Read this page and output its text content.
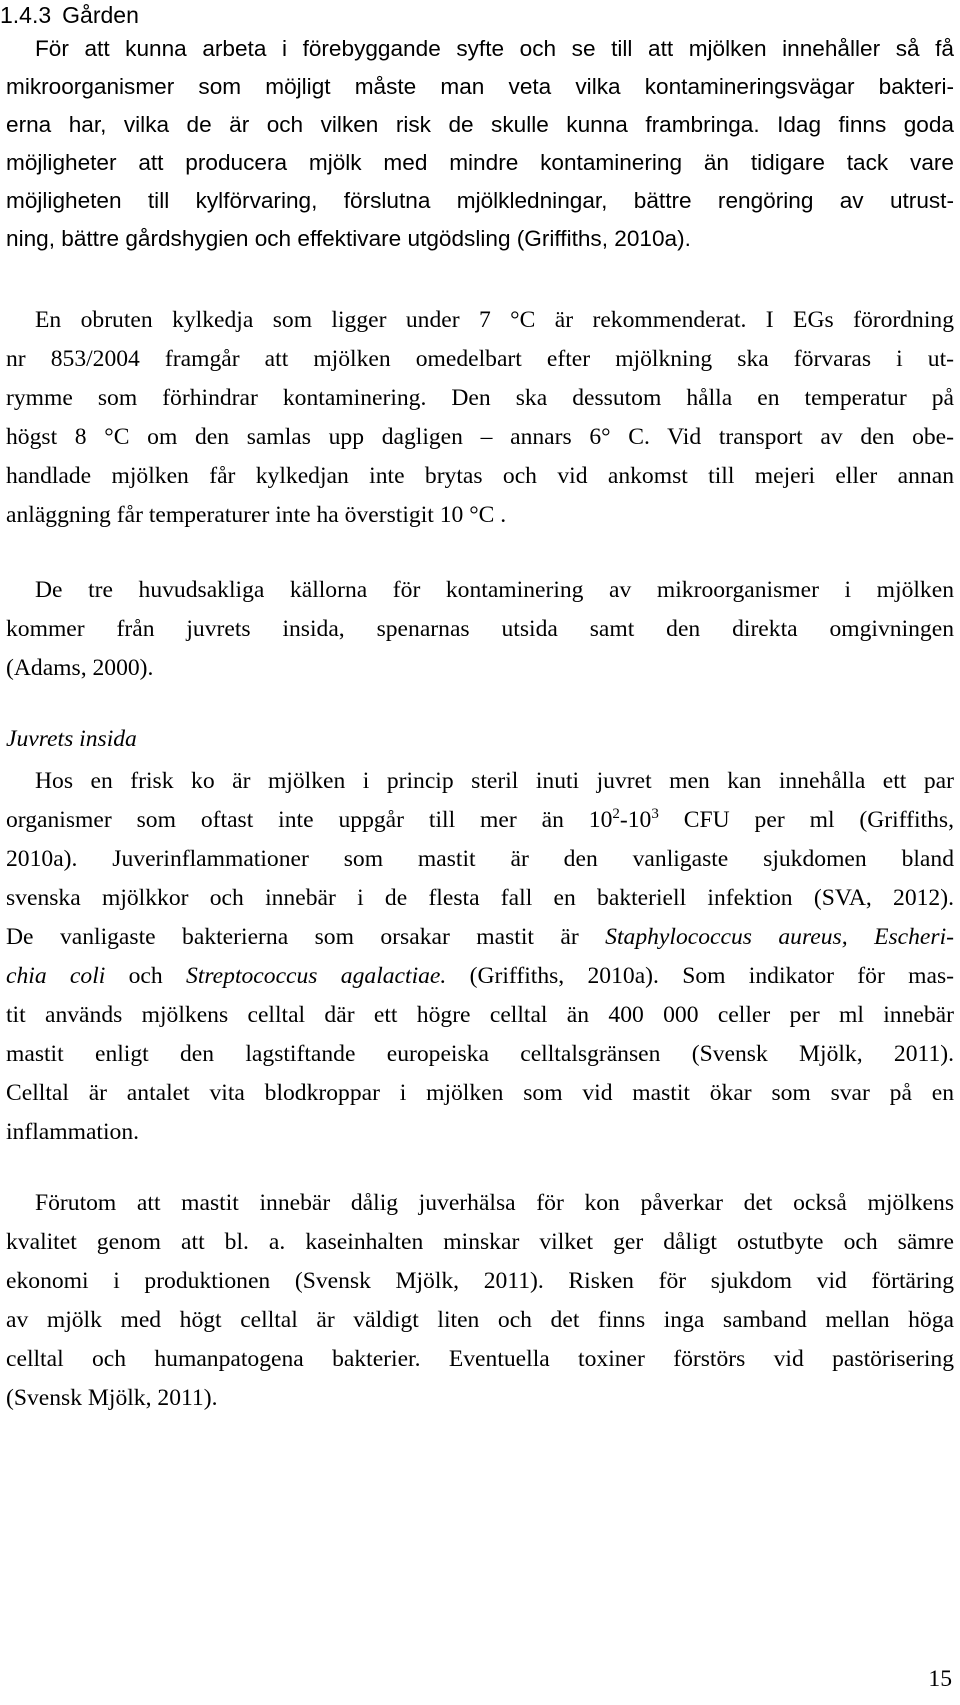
1.4.3 Gården
För att kunna arbeta i förebyggande syfte och se till att mjölken innehåller så få
mikroorganismer som möjligt måste man veta vilka kontamineringsvägar bakteri-
erna har, vilka de är och vilken risk de skulle kunna frambringa. Idag finns goda
möjligheter att producera mjölk med mindre kontaminering än tidigare tack vare
möjligheten till kylförvaring, förslutna mjölkledningar, bättre rengöring av utrust-
ning, bättre gårdshygien och effektivare utgödsling (Griffiths, 2010a).
En obruten kylkedja som ligger under 7 °C är rekommenderat. I EGs förordning
nr 853/2004 framgår att mjölken omedelbart efter mjölkning ska förvaras i ut-
rymme som förhindrar kontaminering. Den ska dessutom hålla en temperatur på
högst 8 °C om den samlas upp dagligen – annars 6° C. Vid transport av den obe-
handlade mjölken får kylkedjan inte brytas och vid ankomst till mejeri eller annan
anläggning får temperaturer inte ha överstigit 10 °C .
De tre huvudsakliga källorna för kontaminering av mikroorganismer i mjölken
kommer från juvrets insida, spenarnas utsida samt den direkta omgivningen
(Adams, 2000).
Juvrets insida
Hos en frisk ko är mjölken i princip steril inuti juvret men kan innehålla ett par
organismer som oftast inte uppgår till mer än $10^2-10^3$ CFU per ml (Griffiths,
2010a). Juverinflammationer som mastit är den vanligaste sjukdomen bland
svenska mjölkkor och innebär i de flesta fall en bakteriell infektion (SVA, 2012).
De vanligaste bakterierna som orsakar mastit är Staphylococcus aureus, Escheri-
chia coli och Streptococcus agalactiae. (Griffiths, 2010a). Som indikator för mas-
tit används mjölkens celltal där ett högre celltal än 400 000 celler per ml innebär
mastit enligt den lagstiftande europeiska celltalsgränsen (Svensk Mjölk, 2011).
Celltal är antalet vita blodkroppar i mjölken som vid mastit ökar som svar på en
inflammation.
Förutom att mastit innebär dålig juverhälsa för kon påverkar det också mjölkens
kvalitet genom att bl. a. kaseinhalten minskar vilket ger dåligt ostutbyte och sämre
ekonomi i produktionen (Svensk Mjölk, 2011). Risken för sjukdom vid förtäring
av mjölk med högt celltal är väldigt liten och det finns inga samband mellan höga
celltal och humanpatogena bakterier. Eventuella toxiner förstörs vid pastörisering
(Svensk Mjölk, 2011).
15
